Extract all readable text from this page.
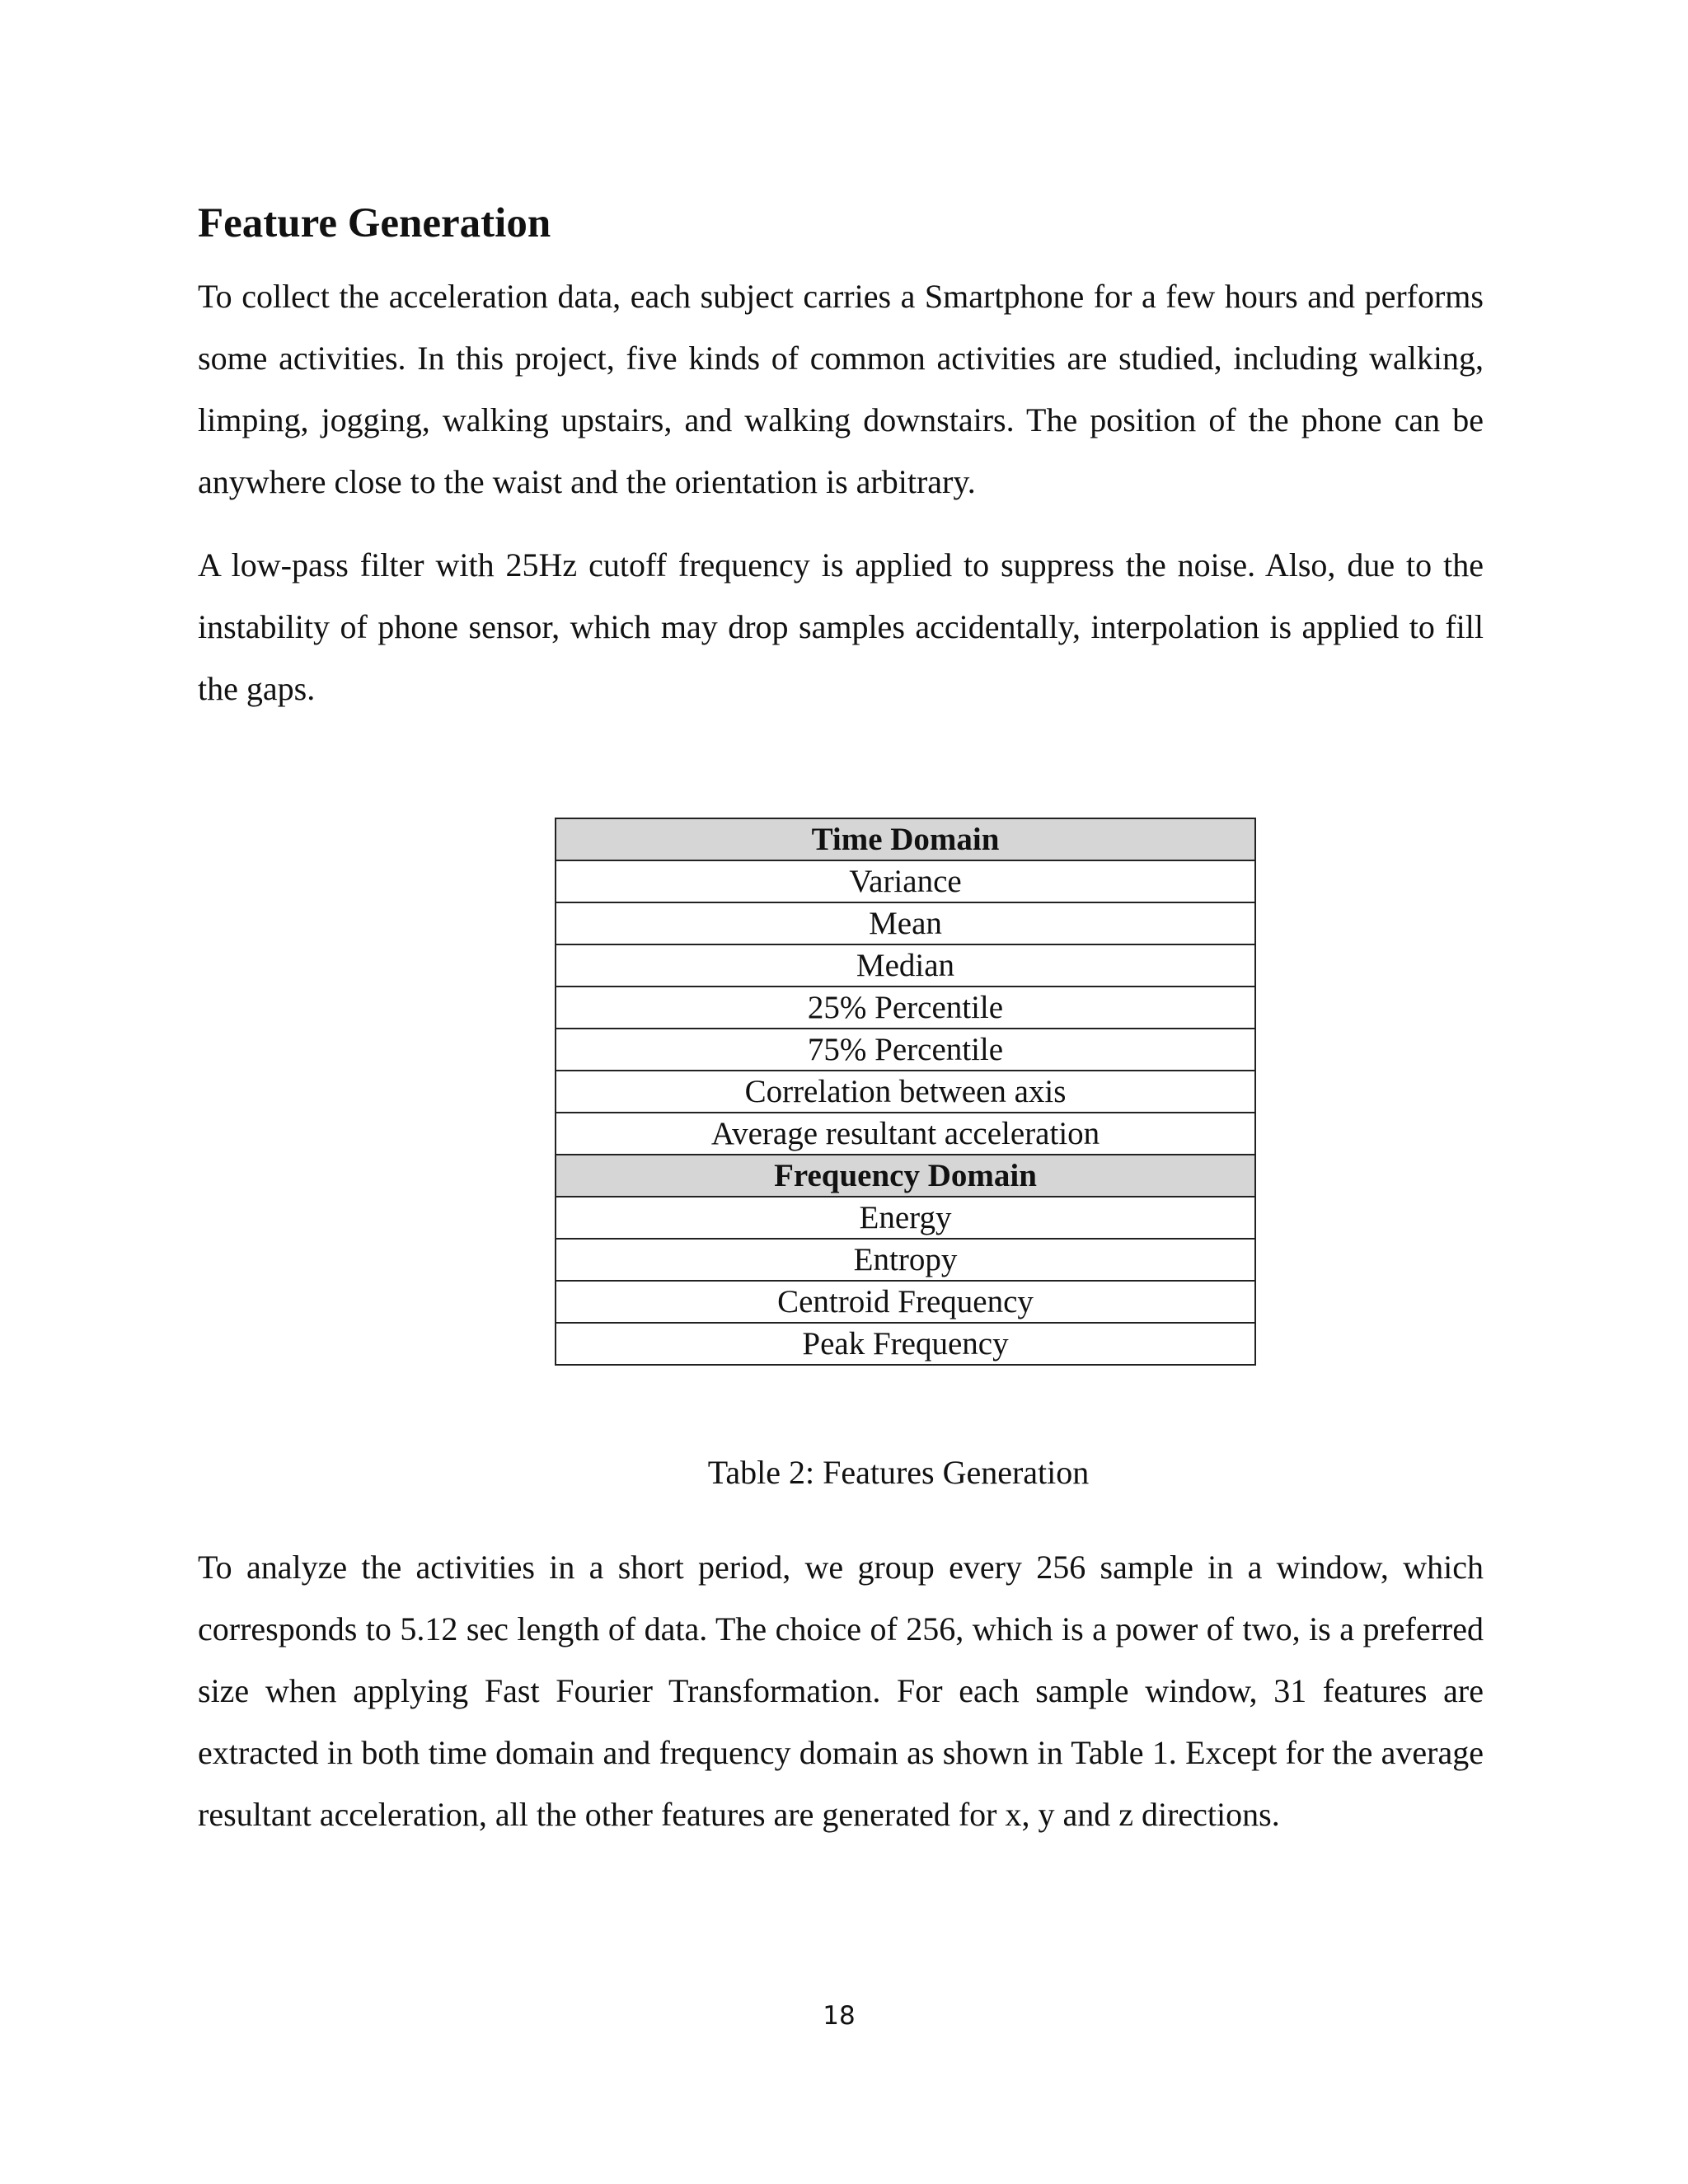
Feature Generation

To collect the acceleration data, each subject carries a Smartphone for a few hours and performs some activities. In this project, five kinds of common activities are studied, including walking, limping, jogging, walking upstairs, and walking downstairs. The position of the phone can be anywhere close to the waist and the orientation is arbitrary.

A low-pass filter with 25Hz cutoff frequency is applied to suppress the noise. Also, due to the instability of phone sensor, which may drop samples accidentally, interpolation is applied to fill the gaps.

Time Domain
Variance
Mean
Median
25% Percentile
75% Percentile
Correlation between axis
Average resultant acceleration
Frequency Domain
Energy
Entropy
Centroid Frequency
Peak Frequency

Table 2: Features Generation

To analyze the activities in a short period, we group every 256 sample in a window, which corresponds to 5.12 sec length of data. The choice of 256, which is a power of two, is a preferred size when applying Fast Fourier Transformation. For each sample window, 31 features are extracted in both time domain and frequency domain as shown in Table 1. Except for the average resultant acceleration, all the other features are generated for x, y and z directions.

18
